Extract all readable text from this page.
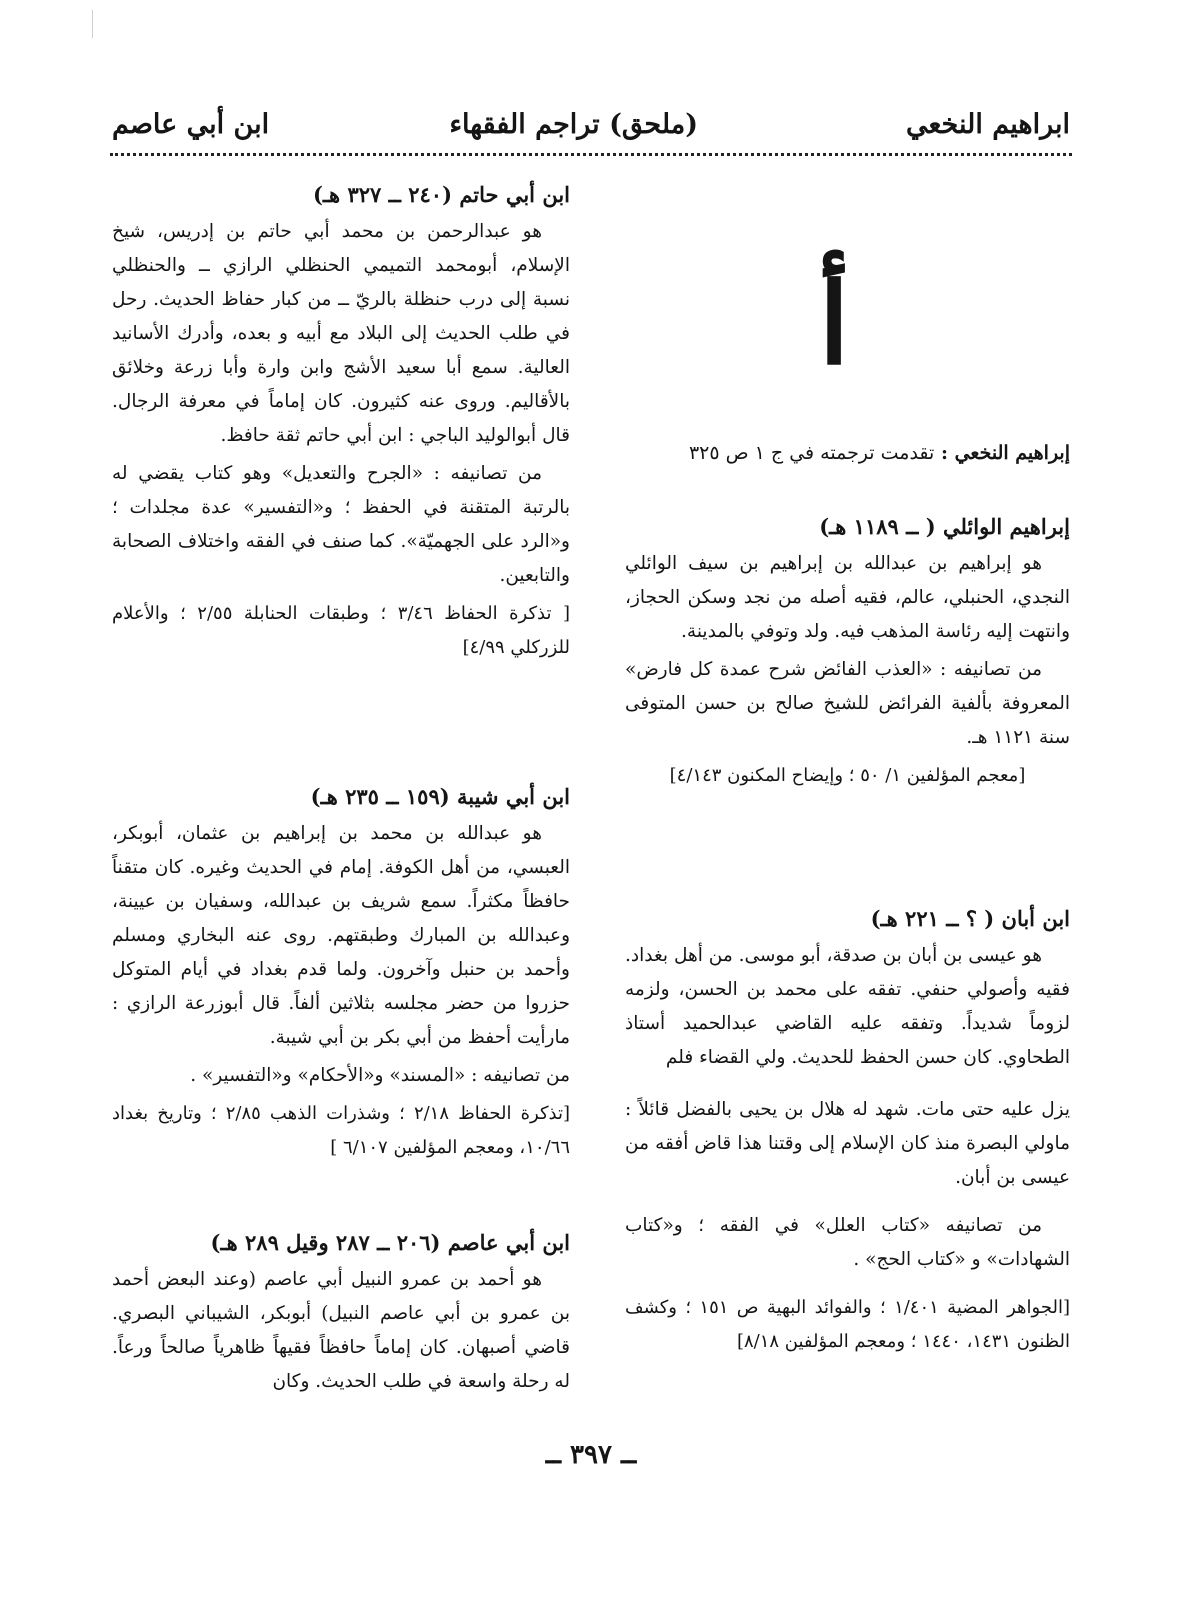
ابراهيم النخعي
(ملحق) تراجم الفقهاء
ابن أبي عاصم
أ
إبراهيم النخعي : تقدمت ترجمته في ج ١ ص ٣٢٥
إبراهيم الوائلي ( ــ ١١٨٩ هـ)

هو إبراهيم بن عبدالله بن إبراهيم بن سيف الوائلي النجدي، الحنبلي، عالم، فقيه أصله من نجد وسكن الحجاز، وانتهت إليه رئاسة المذهب فيه. ولد وتوفي بالمدينة.

من تصانيفه : «العذب الفائض شرح عمدة كل فارض» المعروفة بألفية الفرائض للشيخ صالح بن حسن المتوفى سنة ١١٢١ هـ.

[معجم المؤلفين ١/ ٥٠ ؛ وإيضاح المكنون ٤/١٤٣]

ابن أبان ( ؟ ــ ٢٢١ هـ)

هو عيسى بن أبان بن صدقة، أبو موسى. من أهل بغداد. فقيه وأصولي حنفي. تفقه على محمد بن الحسن، ولزمه لزوماً شديداً. وتفقه عليه القاضي عبدالحميد أستاذ الطحاوي. كان حسن الحفظ للحديث. ولي القضاء فلم

يزل عليه حتى مات. شهد له هلال بن يحيى بالفضل قائلاً : ماولي البصرة منذ كان الإسلام إلى وقتنا هذا قاض أفقه من عيسى بن أبان.

من تصانيفه «كتاب العلل» في الفقه ؛ و«كتاب الشهادات» و «كتاب الحج» .

[الجواهر المضية ١/٤٠١ ؛ والفوائد البهية ص ١٥١ ؛ وكشف الظنون ١٤٣١، ١٤٤٠ ؛ ومعجم المؤلفين ٨/١٨]

ابن أبي حاتم (٢٤٠ ــ ٣٢٧ هـ)

هو عبدالرحمن بن محمد أبي حاتم بن إدريس، شيخ الإسلام، أبومحمد التميمي الحنظلي الرازي ــ والحنظلي نسبة إلى درب حنظلة بالريّ ــ من كبار حفاظ الحديث. رحل في طلب الحديث إلى البلاد مع أبيه و بعده، وأدرك الأسانيد العالية. سمع أبا سعيد الأشج وابن وارة وأبا زرعة وخلائق بالأقاليم. وروى عنه كثيرون. كان إماماً في معرفة الرجال. قال أبوالوليد الباجي : ابن أبي حاتم ثقة حافظ.

من تصانيفه : «الجرح والتعديل» وهو كتاب يقضي له بالرتبة المتقنة في الحفظ ؛ و«التفسير» عدة مجلدات ؛ و«الرد على الجهميّة». كما صنف في الفقه واختلاف الصحابة والتابعين.

[ تذكرة الحفاظ ٣/٤٦ ؛ وطبقات الحنابلة ٢/٥٥ ؛ والأعلام للزركلي ٤/٩٩]

ابن أبي شيبة (١٥٩ ــ ٢٣٥ هـ)

هو عبدالله بن محمد بن إبراهيم بن عثمان، أبوبكر، العبسي، من أهل الكوفة. إمام في الحديث وغيره. كان متقناً حافظاً مكثراً. سمع شريف بن عبدالله، وسفيان بن عيينة، وعبدالله بن المبارك وطبقتهم. روى عنه البخاري ومسلم وأحمد بن حنبل وآخرون. ولما قدم بغداد في أيام المتوكل حزروا من حضر مجلسه بثلاثين ألفاً. قال أبوزرعة الرازي : مارأيت أحفظ من أبي بكر بن أبي شيبة.

من تصانيفه : «المسند» و«الأحكام» و«التفسير» .

[تذكرة الحفاظ ٢/١٨ ؛ وشذرات الذهب ٢/٨٥ ؛ وتاريخ بغداد ١٠/٦٦، ومعجم المؤلفين ٦/١٠٧ ]

ابن أبي عاصم (٢٠٦ ــ ٢٨٧ وقيل ٢٨٩ هـ)

هو أحمد بن عمرو النبيل أبي عاصم (وعند البعض أحمد بن عمرو بن أبي عاصم النبيل) أبوبكر، الشيباني البصري. قاضي أصبهان. كان إماماً حافظاً فقيهاً ظاهرياً صالحاً ورعاً. له رحلة واسعة في طلب الحديث. وكان

ــ ٣٩٧ ــ
